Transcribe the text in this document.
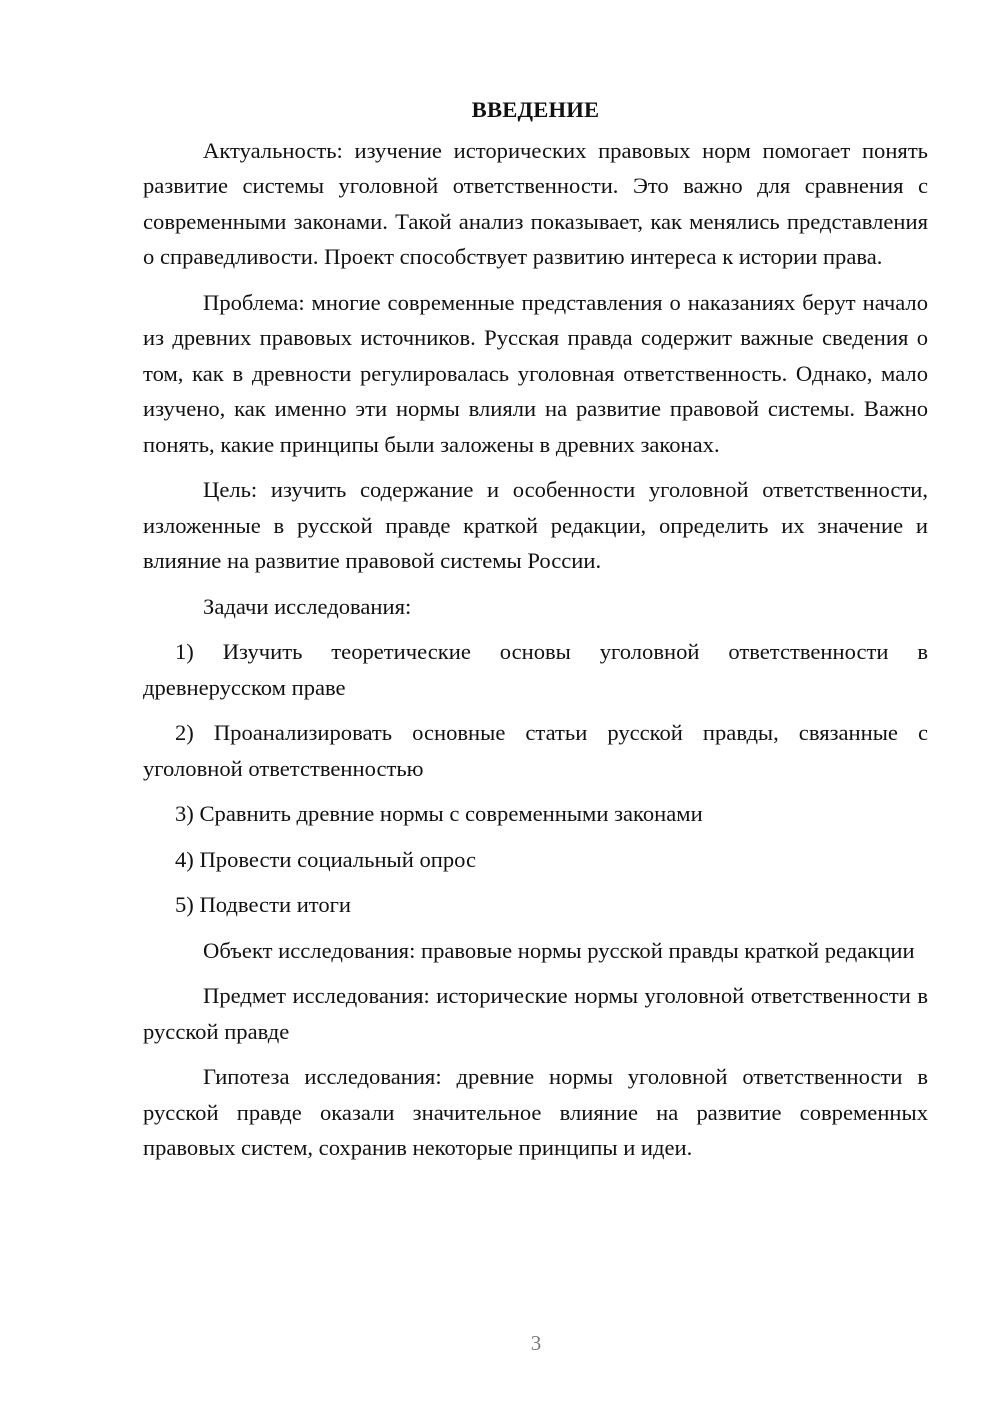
ВВЕДЕНИЕ

Актуальность: изучение исторических правовых норм помогает понять развитие системы уголовной ответственности. Это важно для сравнения с современными законами. Такой анализ показывает, как менялись представления о справедливости. Проект способствует развитию интереса к истории права.

Проблема: многие современные представления о наказаниях берут начало из древних правовых источников. Русская правда содержит важные сведения о том, как в древности регулировалась уголовная ответственность. Однако, мало изучено, как именно эти нормы влияли на развитие правовой системы. Важно понять, какие принципы были заложены в древних законах.

Цель: изучить содержание и особенности уголовной ответственности, изложенные в русской правде краткой редакции, определить их значение и влияние на развитие правовой системы России.

Задачи исследования:

1) Изучить теоретические основы уголовной ответственности в древнерусском праве

2) Проанализировать основные статьи русской правды, связанные с уголовной ответственностью

3) Сравнить древние нормы с современными законами

4) Провести социальный опрос

5) Подвести итоги

Объект исследования: правовые нормы русской правды краткой редакции

Предмет исследования: исторические нормы уголовной ответственности в русской правде

Гипотеза исследования: древние нормы уголовной ответственности в русской правде оказали значительное влияние на развитие современных правовых систем, сохранив некоторые принципы и идеи.

3
